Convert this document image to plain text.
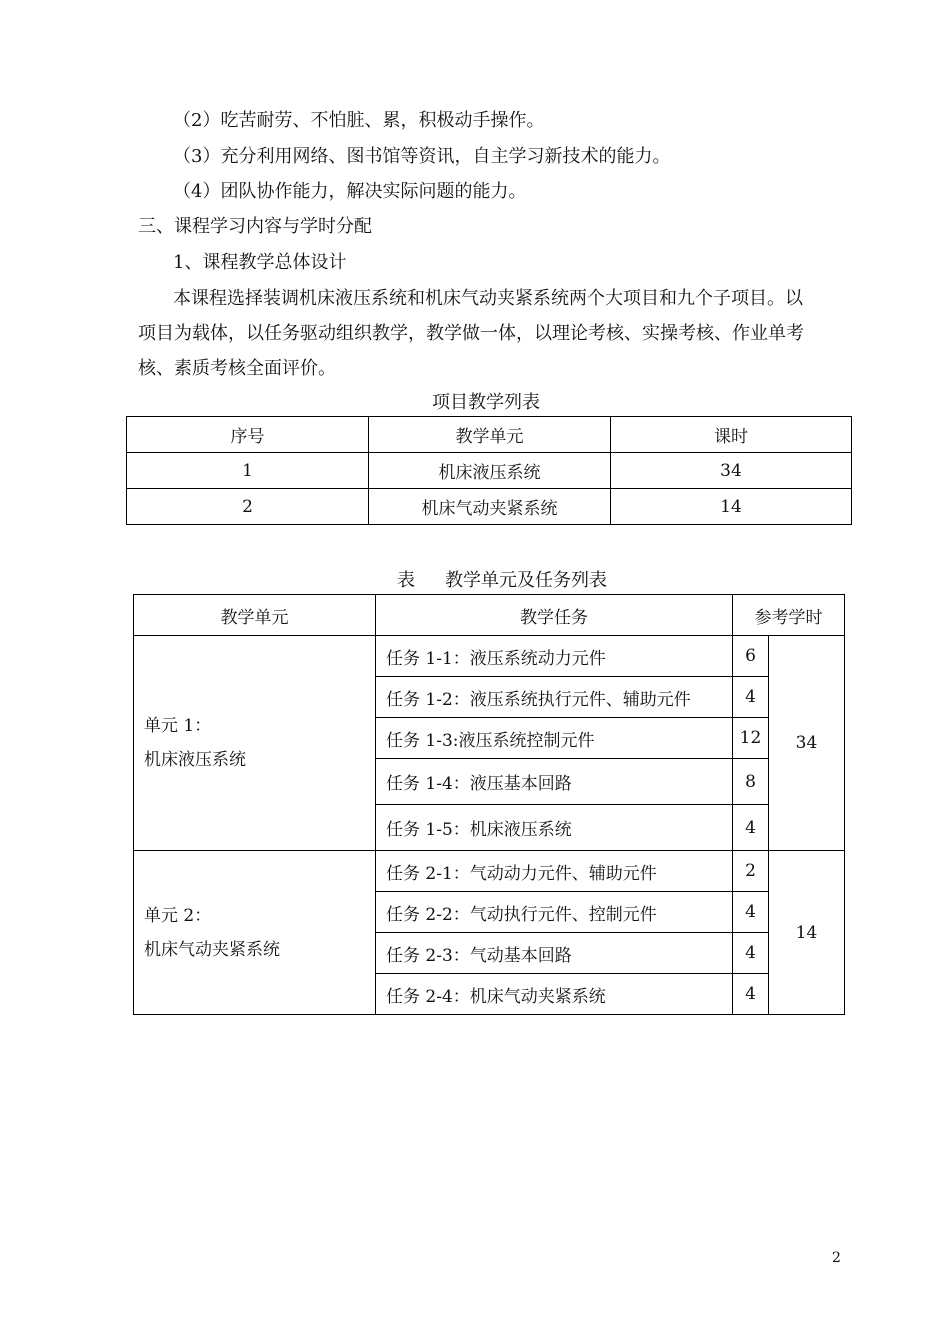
（2）吃苦耐劳、不怕脏、累，积极动手操作。
（3）充分利用网络、图书馆等资讯，自主学习新技术的能力。
（4）团队协作能力，解决实际问题的能力。
三、课程学习内容与学时分配
1、课程教学总体设计
本课程选择装调机床液压系统和机床气动夹紧系统两个大项目和九个子项目。以
项目为载体，以任务驱动组织教学，教学做一体，以理论考核、实操考核、作业单考
核、素质考核全面评价。
项目教学列表
序号	教学单元	课时
1	机床液压系统	34
2	机床气动夹紧系统	14
表 教学单元及任务列表
教学单元	教学任务	参考学时	

单元 1：
机床液压系统	任务 1-1：液压系统动力元件	6	34
	任务 1-2：液压系统执行元件、辅助元件	4	
	任务 1-3:液压系统控制元件	12	
	任务 1-4：液压基本回路	8	
	任务 1-5：机床液压系统	4	

单元 2：
机床气动夹紧系统	任务 2-1：气动动力元件、辅助元件	2	14
	任务 2-2：气动执行元件、控制元件	4	
	任务 2-3：气动基本回路	4	
	任务 2-4：机床气动夹紧系统	4	
2
